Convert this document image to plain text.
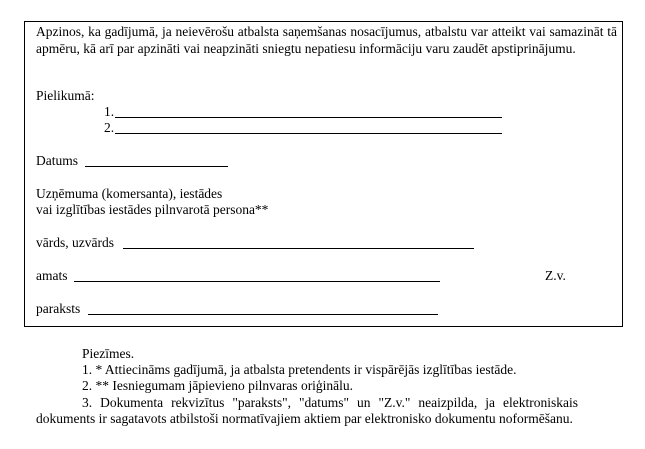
Apzinos, ka gadījumā, ja neievērošu atbalsta saņemšanas nosacījumus, atbalstu var atteikt vai samazināt tā apmēru, kā arī par apzināti vai neapzināti sniegtu nepatiesu informāciju varu zaudēt apstiprinājumu.
Pielikumā:
1.
2.
Datums
Uzņēmuma (komersanta), iestādes
vai izglītības iestādes pilnvarotā persona**
vārds, uzvārds
amats	Z.v.
paraksts
Piezīmes.
1. * Attiecināms gadījumā, ja atbalsta pretendents ir vispārējās izglītības iestāde.
2. ** Iesniegumam jāpievieno pilnvaras oriģinālu.
3. Dokumenta rekvizītus "paraksts", "datums" un "Z.v." neaizpilda, ja elektroniskais dokuments ir sagatavots atbilstoši normatīvajiem aktiem par elektronisko dokumentu noformēšanu.
